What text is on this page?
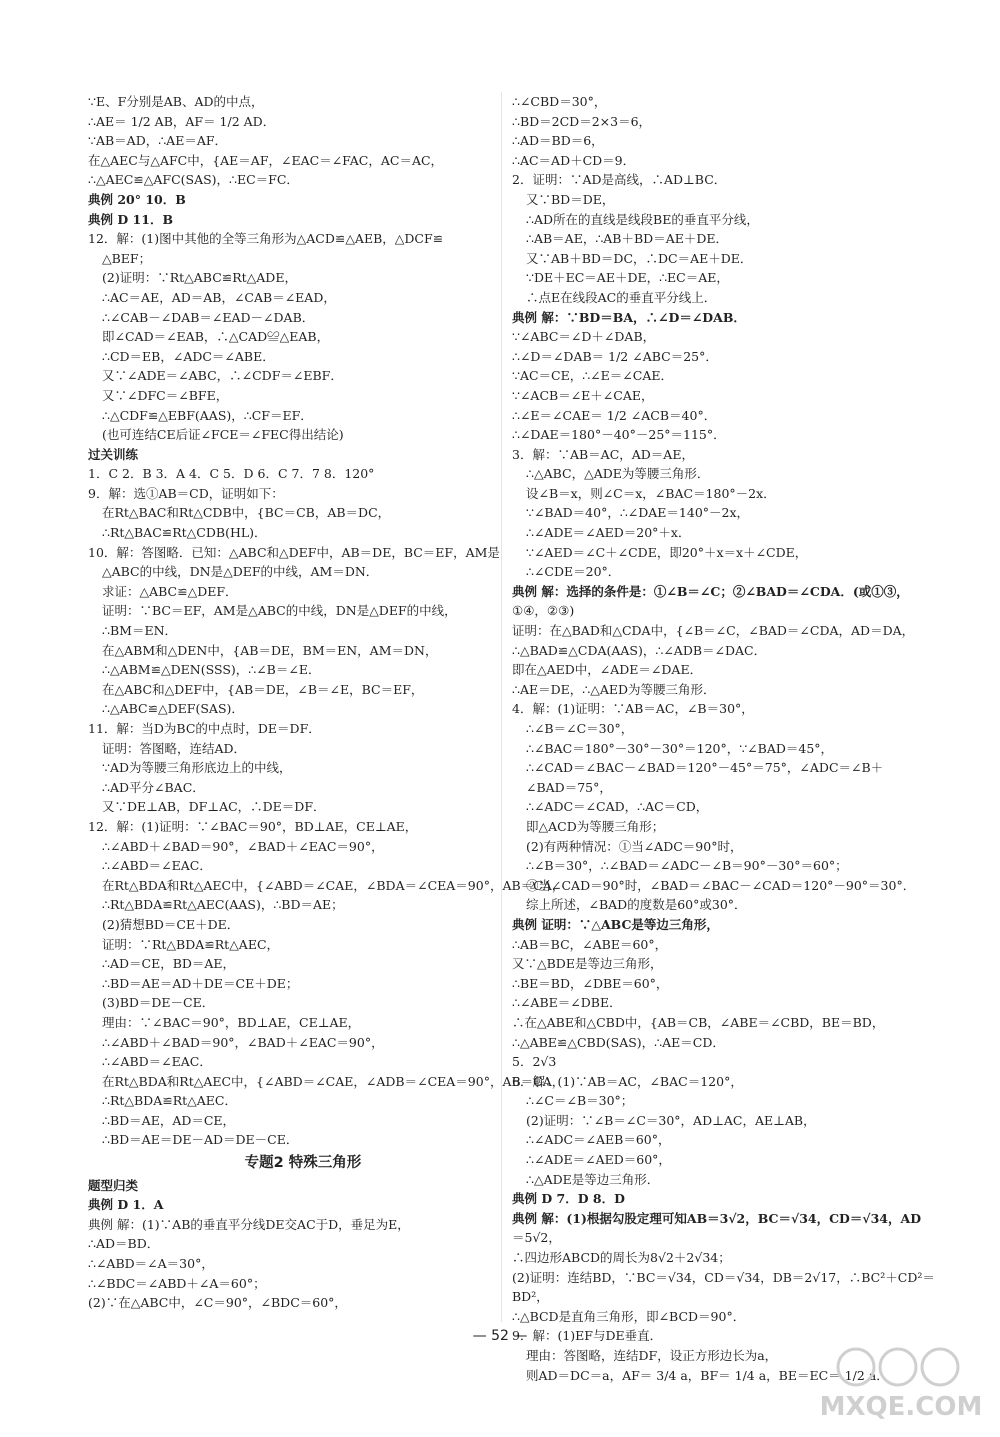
∵E、F分别是AB、AD的中点，
∴AE＝ 1/2 AB，AF＝ 1/2 AD．
∵AB＝AD，∴AE＝AF．
在△AEC与△AFC中，{AE＝AF，∠EAC＝∠FAC，AC＝AC，
∴△AEC≌△AFC(SAS)，∴EC＝FC．
典例 20° 10．B
典例 D 11．B
12．解：(1)图中其他的全等三角形为△ACD≌△AEB，△DCF≌
△BEF；
(2)证明：∵Rt△ABC≌Rt△ADE，
∴AC＝AE，AD＝AB，∠CAB＝∠EAD，
∴∠CAB－∠DAB＝∠EAD－∠DAB．
即∠CAD＝∠EAB，∴△CAD≌△EAB，
∴CD＝EB，∠ADC＝∠ABE．
又∵∠ADE＝∠ABC，∴∠CDF＝∠EBF．
又∵∠DFC＝∠BFE，
∴△CDF≌△EBF(AAS)，∴CF＝EF．
(也可连结CE后证∠FCE＝∠FEC得出结论)
过关训练
1．C 2．B 3．A 4．C 5．D 6．C 7．7 8．120°
9．解：选①AB＝CD，证明如下：
在Rt△BAC和Rt△CDB中，{BC＝CB，AB＝DC，
∴Rt△BAC≌Rt△CDB(HL)．
10．解：答图略．已知：△ABC和△DEF中，AB＝DE，BC＝EF，AM是
△ABC的中线，DN是△DEF的中线，AM＝DN．
求证：△ABC≌△DEF．
证明：∵BC＝EF，AM是△ABC的中线，DN是△DEF的中线，
∴BM＝EN．
在△ABM和△DEN中，{AB＝DE，BM＝EN，AM＝DN，
∴△ABM≌△DEN(SSS)，∴∠B＝∠E．
在△ABC和△DEF中，{AB＝DE，∠B＝∠E，BC＝EF，
∴△ABC≌△DEF(SAS)．
11．解：当D为BC的中点时，DE＝DF．
证明：答图略，连结AD．
∵AD为等腰三角形底边上的中线，
∴AD平分∠BAC．
又∵DE⊥AB，DF⊥AC，∴DE＝DF．
12．解：(1)证明：∵∠BAC＝90°，BD⊥AE，CE⊥AE，
∴∠ABD＋∠BAD＝90°，∠BAD＋∠EAC＝90°，
∴∠ABD＝∠EAC．
在Rt△BDA和Rt△AEC中，{∠ABD＝∠CAE，∠BDA＝∠CEA＝90°，AB＝CA，
∴Rt△BDA≌Rt△AEC(AAS)，∴BD＝AE；
(2)猜想BD＝CE＋DE．
证明：∵Rt△BDA≌Rt△AEC，
∴AD＝CE，BD＝AE，
∴BD＝AE＝AD＋DE＝CE＋DE；
(3)BD＝DE－CE．
理由：∵∠BAC＝90°，BD⊥AE，CE⊥AE，
∴∠ABD＋∠BAD＝90°，∠BAD＋∠EAC＝90°，
∴∠ABD＝∠EAC．
在Rt△BDA和Rt△AEC中，{∠ABD＝∠CAE，∠ADB＝∠CEA＝90°，AB＝CA，
∴Rt△BDA≌Rt△AEC．
∴BD＝AE，AD＝CE，
∴BD＝AE＝DE－AD＝DE－CE．
专题2 特殊三角形
题型归类
典例 D 1．A
典例 解：(1)∵AB的垂直平分线DE交AC于D，垂足为E，
∴AD＝BD．
∴∠ABD＝∠A＝30°，
∴∠BDC＝∠ABD＋∠A＝60°；
(2)∵在△ABC中，∠C＝90°，∠BDC＝60°，
∴∠CBD＝30°，
∴BD＝2CD＝2×3＝6，
∴AD＝BD＝6，
∴AC＝AD＋CD＝9．
2．证明：∵AD是高线，∴AD⊥BC．
又∵BD＝DE，
∴AD所在的直线是线段BE的垂直平分线，
∴AB＝AE，∴AB＋BD＝AE＋DE．
又∵AB＋BD＝DC，∴DC＝AE＋DE．
∵DE＋EC＝AE＋DE，∴EC＝AE，
∴点E在线段AC的垂直平分线上．
典例 解：∵BD＝BA，∴∠D＝∠DAB．
∵∠ABC＝∠D＋∠DAB，
∴∠D＝∠DAB＝ 1/2 ∠ABC＝25°．
∵AC＝CE，∴∠E＝∠CAE．
∵∠ACB＝∠E＋∠CAE，
∴∠E＝∠CAE＝ 1/2 ∠ACB＝40°．
∴∠DAE＝180°－40°－25°＝115°．
3．解：∵AB＝AC，AD＝AE，
∴△ABC，△ADE为等腰三角形．
设∠B＝x，则∠C＝x，∠BAC＝180°－2x．
∵∠BAD＝40°，∴∠DAE＝140°－2x，
∴∠ADE＝∠AED＝20°＋x．
∵∠AED＝∠C＋∠CDE，即20°＋x＝x＋∠CDE，
∴∠CDE＝20°．
典例 解：选择的条件是：①∠B＝∠C；②∠BAD＝∠CDA．(或①③，
①④，②③)
证明：在△BAD和△CDA中，{∠B＝∠C，∠BAD＝∠CDA，AD＝DA，
∴△BAD≌△CDA(AAS)，∴∠ADB＝∠DAC．
即在△AED中，∠ADE＝∠DAE．
∴AE＝DE，∴△AED为等腰三角形．
4．解：(1)证明：∵AB＝AC，∠B＝30°，
∴∠B＝∠C＝30°，
∴∠BAC＝180°－30°－30°＝120°，∵∠BAD＝45°，
∴∠CAD＝∠BAC－∠BAD＝120°－45°＝75°，∠ADC＝∠B＋
∠BAD＝75°，
∴∠ADC＝∠CAD，∴AC＝CD，
即△ACD为等腰三角形；
(2)有两种情况：①当∠ADC＝90°时，
∴∠B＝30°，∴∠BAD＝∠ADC－∠B＝90°－30°＝60°；
②当∠CAD＝90°时，∠BAD＝∠BAC－∠CAD＝120°－90°＝30°．
综上所述，∠BAD的度数是60°或30°．
典例 证明：∵△ABC是等边三角形，
∴AB＝BC，∠ABE＝60°，
又∵△BDE是等边三角形，
∴BE＝BD，∠DBE＝60°，
∴∠ABE＝∠DBE．
∴在△ABE和△CBD中，{AB＝CB，∠ABE＝∠CBD，BE＝BD，
∴△ABE≌△CBD(SAS)，∴AE＝CD．
5．2√3
6．解：(1)∵AB＝AC，∠BAC＝120°，
∴∠C＝∠B＝30°；
(2)证明：∵∠B＝∠C＝30°，AD⊥AC，AE⊥AB，
∴∠ADC＝∠AEB＝60°，
∴∠ADE＝∠AED＝60°，
∴△ADE是等边三角形．
典例 D 7．D 8．D
典例 解：(1)根据勾股定理可知AB＝3√2，BC＝√34，CD＝√34，AD
＝5√2，
∴四边形ABCD的周长为8√2＋2√34；
(2)证明：连结BD，∵BC＝√34，CD＝√34，DB＝2√17，∴BC²＋CD²＝
BD²，
∴△BCD是直角三角形，即∠BCD＝90°．
9．解：(1)EF与DE垂直．
理由：答图略，连结DF，设正方形边长为a，
则AD＝DC＝a，AF＝ 3/4 a，BF＝ 1/4 a，BE＝EC＝ 1/2 a．
— 52 —
MXQE.COM
